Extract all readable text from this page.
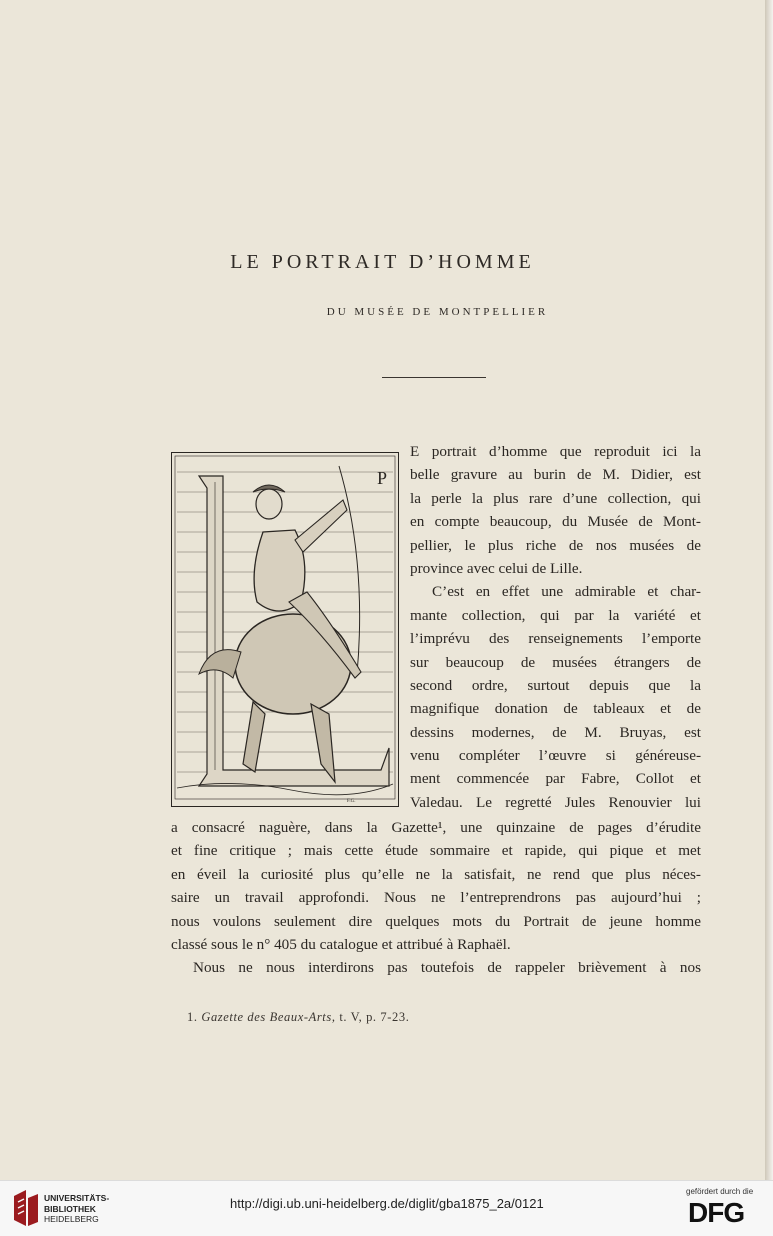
LE PORTRAIT D’HOMME
DU MUSÉE DE MONTPELLIER
P
F.G.
E portrait d’homme que reproduit ici la
belle gravure au burin de M. Didier, est
la perle la plus rare d’une collection, qui
en compte beaucoup, du Musée de Mont-
pellier, le plus riche de nos musées de
province avec celui de Lille.
C’est en effet une admirable et char-
mante collection, qui par la variété et
l’imprévu des renseignements l’emporte
sur beaucoup de musées étrangers de
second ordre, surtout depuis que la
magnifique donation de tableaux et de
dessins modernes, de M. Bruyas, est
venu compléter l’œuvre si généreuse-
ment commencée par Fabre, Collot et
Valedau. Le regretté Jules Renouvier lui
a consacré naguère, dans la Gazette¹, une quinzaine de pages d’érudite
et fine critique ; mais cette étude sommaire et rapide, qui pique et met
en éveil la curiosité plus qu’elle ne la satisfait, ne rend que plus néces-
saire un travail approfondi. Nous ne l’entreprendrons pas aujourd’hui ;
nous voulons seulement dire quelques mots du Portrait de jeune homme
classé sous le n° 405 du catalogue et attribué à Raphaël.
Nous ne nous interdirons pas toutefois de rappeler brièvement à nos
1. Gazette des Beaux-Arts, t. V, p. 7-23.
UNIVERSITÄTS-
BIBLIOTHEK
HEIDELBERG
http://digi.ub.uni-heidelberg.de/diglit/gba1875_2a/0121
gefördert durch die
DFG
